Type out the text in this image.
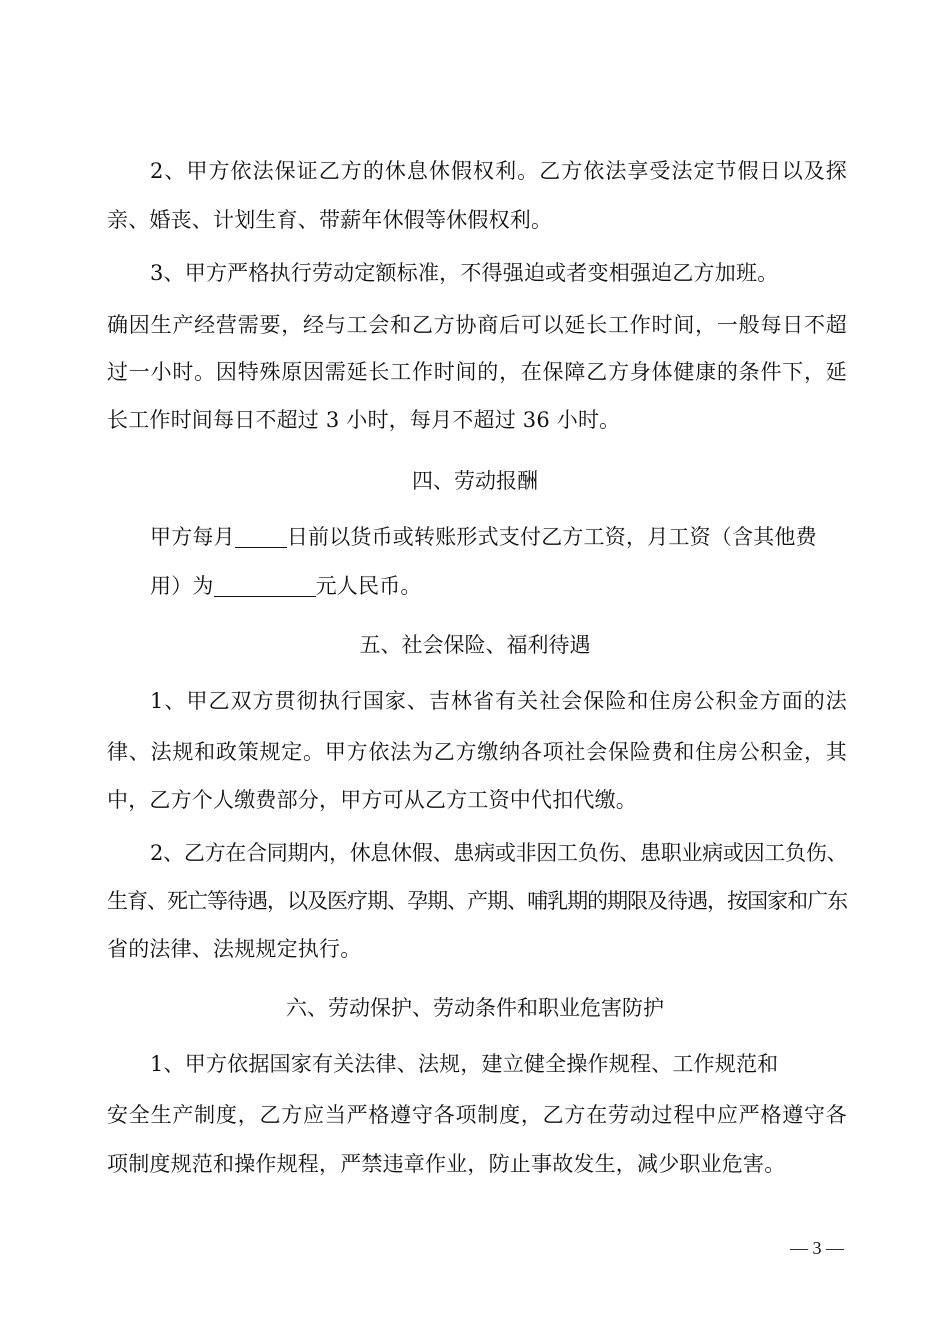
2、甲方依法保证乙方的休息休假权利。乙方依法享受法定节假日以及探
亲、婚丧、计划生育、带薪年休假等休假权利。
3、甲方严格执行劳动定额标准，不得强迫或者变相强迫乙方加班。
确因生产经营需要，经与工会和乙方协商后可以延长工作时间，一般每日不超
过一小时。因特殊原因需延长工作时间的，在保障乙方身体健康的条件下，延
长工作时间每日不超过 3 小时，每月不超过 36 小时。
四、劳动报酬
甲方每月 日前以货币或转账形式支付乙方工资，月工资（含其他费
用）为	元人民币。
五、社会保险、福利待遇
1、甲乙双方贯彻执行国家、吉林省有关社会保险和住房公积金方面的法
律、法规和政策规定。甲方依法为乙方缴纳各项社会保险费和住房公积金，其
中，乙方个人缴费部分，甲方可从乙方工资中代扣代缴。
2、乙方在合同期内，休息休假、患病或非因工负伤、患职业病或因工负伤、
生育、死亡等待遇，以及医疗期、孕期、产期、哺乳期的期限及待遇，按国家和广东
省的法律、法规规定执行。
六、劳动保护、劳动条件和职业危害防护
1、甲方依据国家有关法律、法规，建立健全操作规程、工作规范和
安全生产制度，乙方应当严格遵守各项制度，乙方在劳动过程中应严格遵守各
项制度规范和操作规程，严禁违章作业，防止事故发生，减少职业危害。
— 3 —
